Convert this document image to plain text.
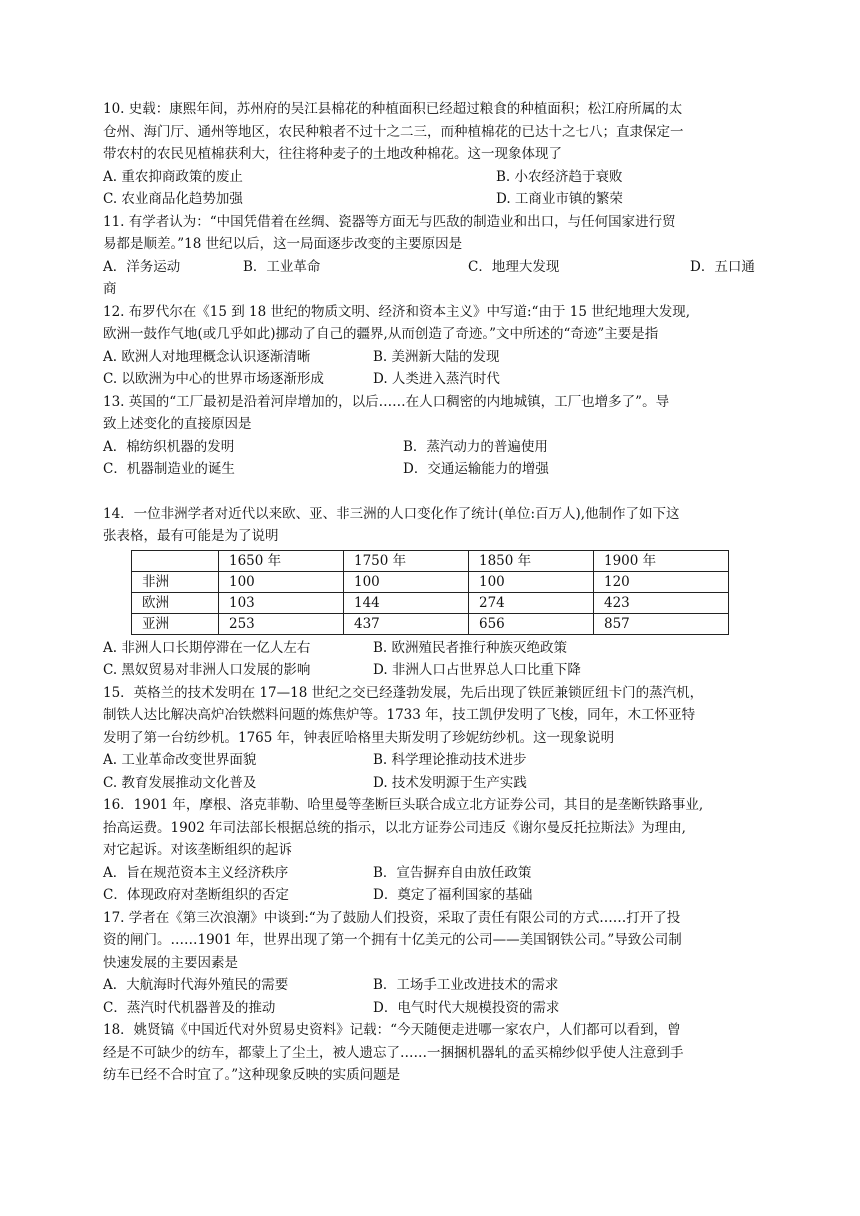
10. 史载：康熙年间，苏州府的吴江县棉花的种植面积已经超过粮食的种植面积；松江府所属的太
仓州、海门厅、通州等地区，农民种粮者不过十之二三，而种植棉花的已达十之七八；直隶保定一
带农村的农民见植棉获利大，往往将种麦子的土地改种棉花。这一现象体现了
A. 重农抑商政策的废止	B. 小农经济趋于衰败
C. 农业商品化趋势加强	D. 工商业市镇的繁荣
11. 有学者认为：“中国凭借着在丝绸、瓷器等方面无与匹敌的制造业和出口，与任何国家进行贸
易都是顺差。”18 世纪以后，这一局面逐步改变的主要原因是
A．洋务运动	B．工业革命	C．地理大发现	D．五口通
商
12. 布罗代尔在《15 到 18 世纪的物质文明、经济和资本主义》中写道:“由于 15 世纪地理大发现,
欧洲一鼓作气地(或几乎如此)挪动了自己的疆界,从而创造了奇迹。”文中所述的“奇迹”主要是指
A. 欧洲人对地理概念认识逐渐清晰	B. 美洲新大陆的发现
C. 以欧洲为中心的世界市场逐渐形成	D. 人类进入蒸汽时代
13. 英国的“工厂最初是沿着河岸增加的，以后……在人口稠密的内地城镇，工厂也增多了”。导
致上述变化的直接原因是
A．棉纺织机器的发明	B．蒸汽动力的普遍使用
C．机器制造业的诞生	D．交通运输能力的增强
14．一位非洲学者对近代以来欧、亚、非三洲的人口变化作了统计(单位:百万人),他制作了如下这
张表格，最有可能是为了说明
	1650 年	1750 年	1850 年	1900 年
非洲	100	100	100	120
欧洲	103	144	274	423
亚洲	253	437	656	857
A. 非洲人口长期停滞在一亿人左右	B. 欧洲殖民者推行种族灭绝政策
C. 黑奴贸易对非洲人口发展的影响	D. 非洲人口占世界总人口比重下降
15．英格兰的技术发明在 17—18 世纪之交已经蓬勃发展，先后出现了铁匠兼锁匠纽卡门的蒸汽机，
制铁人达比解决高炉冶铁燃料问题的炼焦炉等。1733 年，技工凯伊发明了飞梭，同年，木工怀亚特
发明了第一台纺纱机。1765 年，钟表匠哈格里夫斯发明了珍妮纺纱机。这一现象说明
A. 工业革命改变世界面貌	B. 科学理论推动技术进步
C. 教育发展推动文化普及	D. 技术发明源于生产实践
16．1901 年，摩根、洛克菲勒、哈里曼等垄断巨头联合成立北方证券公司，其目的是垄断铁路事业,
抬高运费。1902 年司法部长根据总统的指示，以北方证券公司违反《谢尔曼反托拉斯法》为理由,
对它起诉。对该垄断组织的起诉
A．旨在规范资本主义经济秩序	B．宣告摒弃自由放任政策
C．体现政府对垄断组织的否定	D．奠定了福利国家的基础
17. 学者在《第三次浪潮》中谈到:“为了鼓励人们投资，采取了责任有限公司的方式……打开了投
资的闸门。……1901 年，世界出现了第一个拥有十亿美元的公司——美国钢铁公司。”导致公司制
快速发展的主要因素是
A．大航海时代海外殖民的需要	B．工场手工业改进技术的需求
C．蒸汽时代机器普及的推动	D．电气时代大规模投资的需求
18．姚贤镐《中国近代对外贸易史资料》记载：“今天随便走进哪一家农户，人们都可以看到，曾
经是不可缺少的纺车，都蒙上了尘土，被人遗忘了……一捆捆机器轧的孟买棉纱似乎使人注意到手
纺车已经不合时宜了。”这种现象反映的实质问题是
